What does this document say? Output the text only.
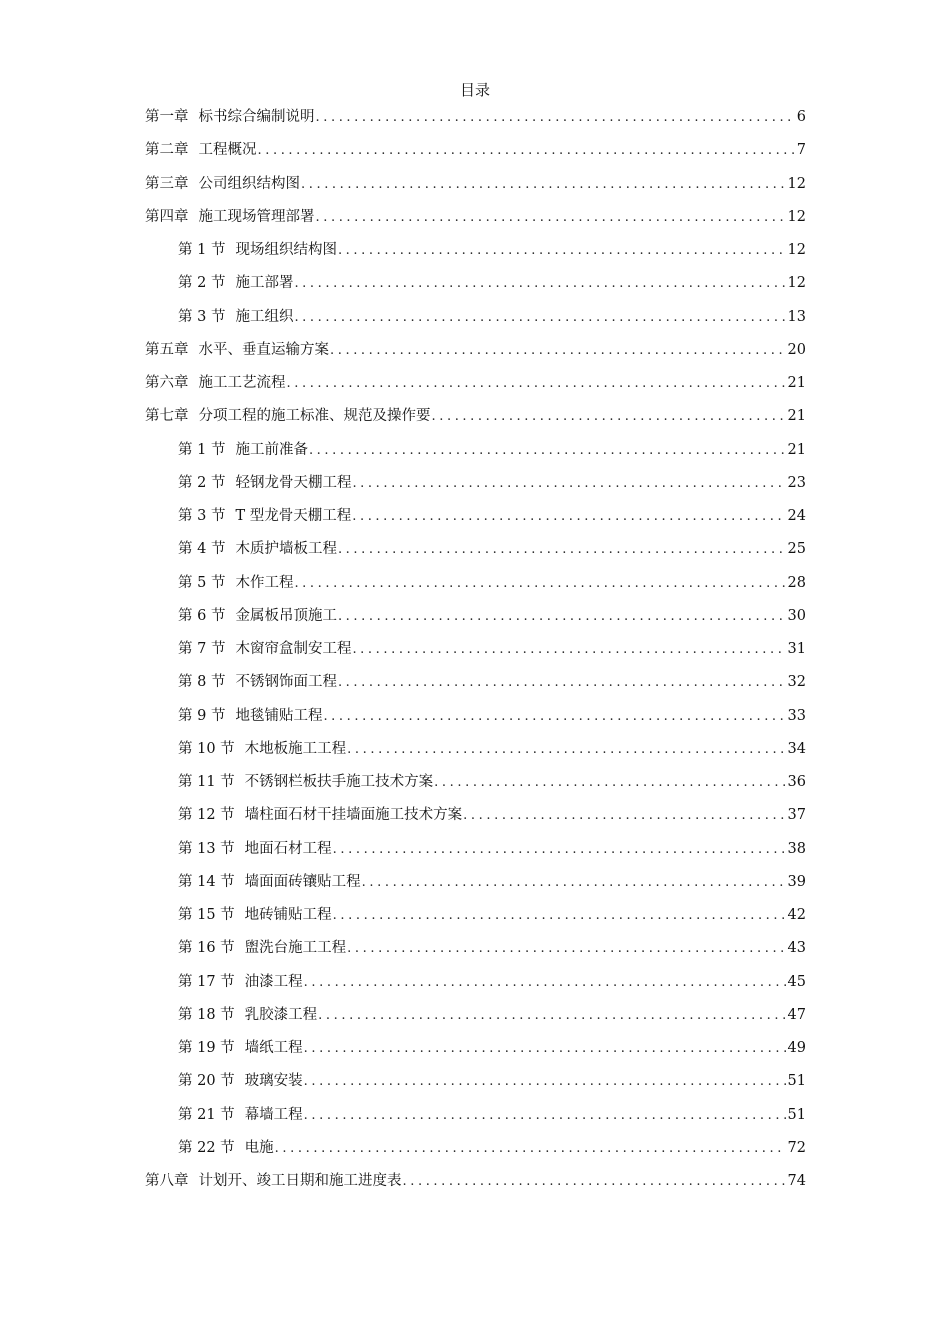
目录
第一章 标书综合编制说明 .....	6
第二章 工程概况 .....	7
第三章 公司组织结构图 .....	12
第四章 施工现场管理部署 .....	12
第 1 节 现场组织结构图 .....	12
第 2 节 施工部署 .....	12
第 3 节 施工组织 .....	13
第五章 水平、垂直运输方案 .....	20
第六章 施工工艺流程 .....	21
第七章 分项工程的施工标准、规范及操作要 .....	21
第 1 节 施工前准备 .....	21
第 2 节 轻钢龙骨天棚工程 .....	23
第 3 节 T 型龙骨天棚工程 .....	24
第 4 节 木质护墙板工程 .....	25
第 5 节 木作工程 .....	28
第 6 节 金属板吊顶施工 .....	30
第 7 节 木窗帘盒制安工程 .....	31
第 8 节 不锈钢饰面工程 .....	32
第 9 节 地毯铺贴工程 .....	33
第 10 节 木地板施工工程 .....	34
第 11 节 不锈钢栏板扶手施工技术方案 .....	36
第 12 节 墙柱面石材干挂墙面施工技术方案 .....	37
第 13 节 地面石材工程 .....	38
第 14 节 墙面面砖镶贴工程 .....	39
第 15 节 地砖铺贴工程 .....	42
第 16 节 盥洗台施工工程 .....	43
第 17 节 油漆工程 .....	45
第 18 节 乳胶漆工程 .....	47
第 19 节 墙纸工程 .....	49
第 20 节 玻璃安装 .....	51
第 21 节 幕墙工程 .....	51
第 22 节 电施 .....	72
第八章 计划开、竣工日期和施工进度表 .....	74
